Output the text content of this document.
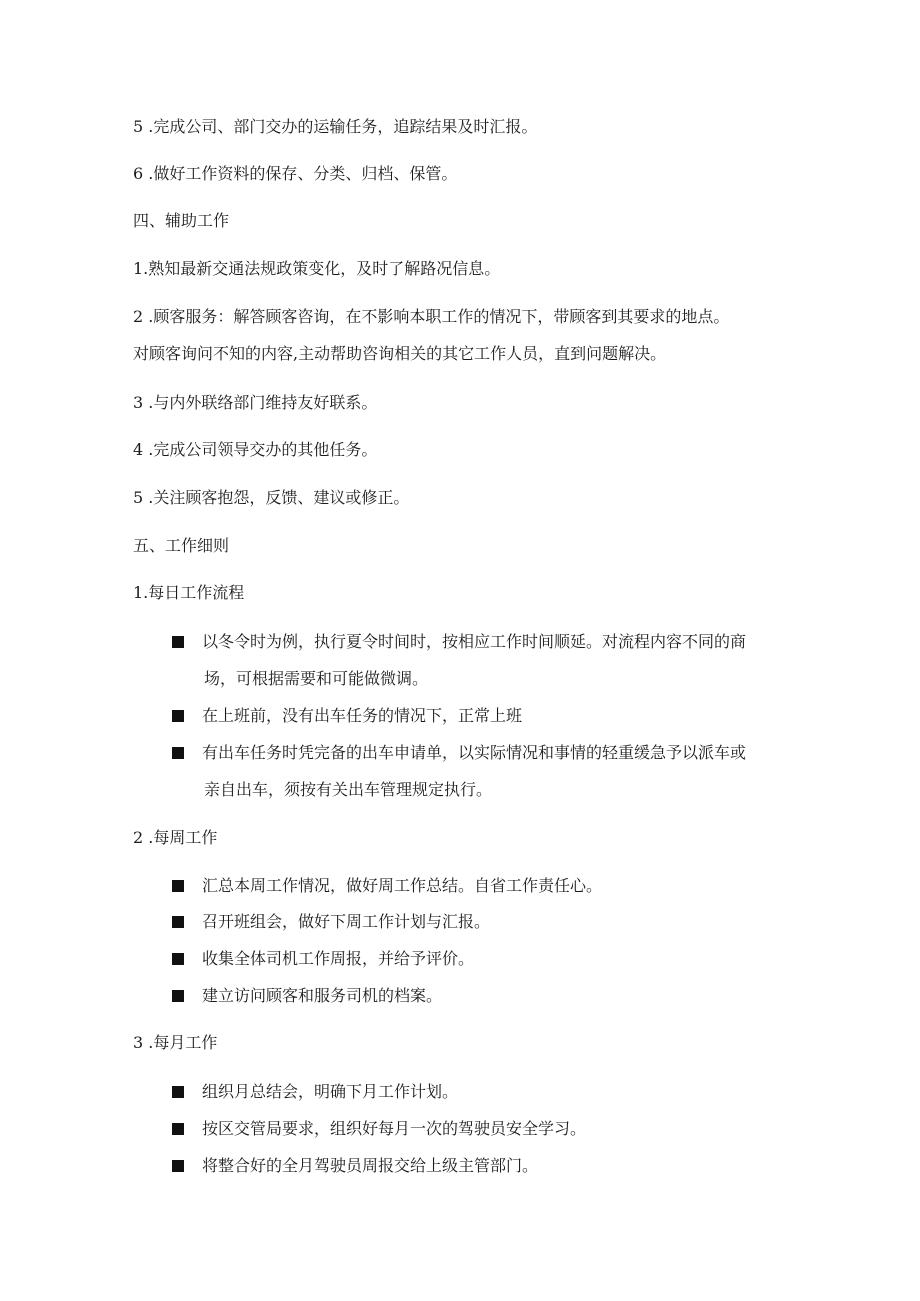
5 .完成公司、部门交办的运输任务，追踪结果及时汇报。
6 .做好工作资料的保存、分类、归档、保管。
四、辅助工作
1.熟知最新交通法规政策变化，及时了解路况信息。
2 .顾客服务：解答顾客咨询，在不影响本职工作的情况下，带顾客到其要求的地点。
对顾客询问不知的内容,主动帮助咨询相关的其它工作人员，直到问题解决。
3 .与内外联络部门维持友好联系。
4 .完成公司领导交办的其他任务。
5 .关注顾客抱怨，反馈、建议或修正。
五、工作细则
1.每日工作流程
以冬令时为例，执行夏令时间时，按相应工作时间顺延。对流程内容不同的商
场，可根据需要和可能做微调。
在上班前，没有出车任务的情况下，正常上班
有出车任务时凭完备的出车申请单，以实际情况和事情的轻重缓急予以派车或
亲自出车，须按有关出车管理规定执行。
2 .每周工作
汇总本周工作情况，做好周工作总结。自省工作责任心。
召开班组会，做好下周工作计划与汇报。
收集全体司机工作周报，并给予评价。
建立访问顾客和服务司机的档案。
3 .每月工作
组织月总结会，明确下月工作计划。
按区交管局要求，组织好每月一次的驾驶员安全学习。
将整合好的全月驾驶员周报交给上级主管部门。
